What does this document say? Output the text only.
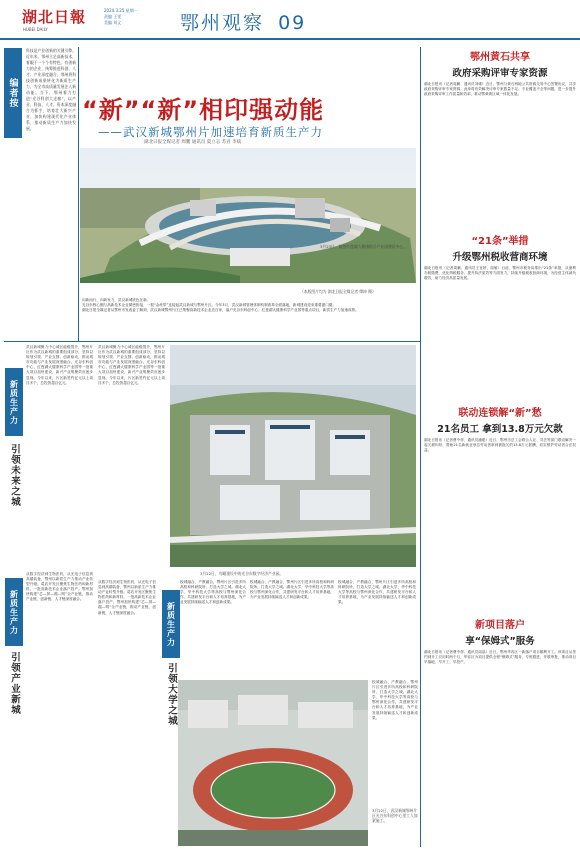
湖北日報
HUBEI DAILY
2024.3.25 星期一
责编 王雯
美编 刘义	鄂州观察 09
编者按
科技是产业创新的关键引擎。近年来，鄂州立足高新技术，着眼于一个个有特色、有创新力的企业，统筹推进科创、人才、产业深度融合，鄂州将科技创新成果转化为新质生产力，为全市高质量发展注入新动能。当下，鄂州着力打造“光谷科创大走廊”，以产业、科技、人才、资本深度融合为抓手，培育壮大新兴产业，加快构建现代化产业体系，推动新质生产力加快发展。
“新”“新”相印强动能
——武汉新城鄂州片加速培育新质生产力
湖北日报全媒记者 周鹏 通讯员 夏立志 苏君 李斌
3月23日，航拍红莲湖大健康科学产业园建设中心。
（本版图片均为 湖北日报全媒记者 缪坤 摄）

向新而行，向新发力，武汉新城底色在新。

光谷东核心圈与高新技术企业紧密衔接，一根“金丝带”连接起武汉新城与鄂州片区。今年3月，武汉新城管理体制机制改革全面落地，新城建设迎来重要窗口期。

湖北日报全媒记者从鄂州市发改委了解到，武汉新城鄂州片区已集聚高新技术企业近百家，落户光谷东科创中心、红莲湖大健康科学产业园等重点项目，新质生产力加速成势。

新质生产力
引领未来之城
武汉新城聚力中心城区能级提升，鄂州片区作为武汉新城的重要组成部分，坚持以规划引领、产业支撑、创新驱动，推动城市功能与产业发展深度融合。光谷东科创中心、红莲湖大健康科学产业园等一批重大项目加快建设，新兴产业集聚效应逐步显现。今年以来，片区新签约亿元以上项目多个，总投资超百亿元。
新质生产力
引领产业新城
从数字经济到生物医药，从光电子信息到高端装备，鄂州以新质生产力推动产业转型升级。葛店开发区聚焦生物医药和新材料，一批高新技术企业落户投产。鄂州加快构建“芯—屏—端—网”全产业链，推动产业链、创新链、人才链深度融合。
武汉新城聚力中心城区能级提升，鄂州片区作为武汉新城的重要组成部分，坚持以规划引领、产业支撑、创新驱动，推动城市功能与产业发展深度融合。光谷东科创中心、红莲湖大健康科学产业园等一批重大项目加快建设，新兴产业集聚效应逐步显现。今年以来，片区新签约亿元以上项目多个，总投资超百亿元。
从数字经济到生物医药，从光电子信息到高端装备，鄂州以新质生产力推动产业转型升级。葛店开发区聚焦生物医药和新材料，一批高新技术企业落户投产。鄂州加快构建“芯—屏—端—网”全产业链，推动产业链、创新链、人才链深度融合。
3月22日，鸟瞰建设中的光谷东数字经济产业园。
新质生产力
引领大学之城
校城融合、产教融合，鄂州片区引进多所高校和科研院所，打造大学之城。湖北大学、华中科技大学等高校与鄂州深化合作，共建研发平台和人才培养基地，为产业发展持续输送人才和创新成果。
校城融合、产教融合，鄂州片区引进多所高校和科研院所，打造大学之城。湖北大学、华中科技大学等高校与鄂州深化合作，共建研发平台和人才培养基地，为产业发展持续输送人才和创新成果。
校城融合、产教融合，鄂州片区引进多所高校和科研院所，打造大学之城。湖北大学、华中科技大学等高校与鄂州深化合作，共建研发平台和人才培养基地，为产业发展持续输送人才和创新成果。
校城融合、产教融合，鄂州片区引进多所高校和科研院所，打造大学之城。湖北大学、华中科技大学等高校与鄂州深化合作，共建研发平台和人才培养基地，为产业发展持续输送人才和创新成果。
3月22日，武汉新城鄂州片区光谷东科创中心里工人加紧施工。
鄂州黄石共享
政府采购评审专家资源
湖北日报讯（记者周鹏、通讯员刘瑾）近日，鄂州与黄石两地公共资源交易中心签署协议，共享政府采购评审专家资源。此举将有效解决评审专家数量不足、专业覆盖不全等问题，进一步提升政府采购评审工作质量和效率，推动鄂黄黄区域一体化发展。
“21条”举措
升级鄂州税收营商环境
湖北日报讯（记者周鹏、通讯员王宜婷、周敏）日前，鄂州市税务局推出“21条”举措，从便利办税缴费、优化纳税服务、提升执法质效等方面发力，持续升级税收营商环境，为经营主体减负增效，助力经济高质量发展。
联动连锁解“新”愁
21名员工 拿到13.8万元欠款
湖北日报讯（记者曹中梓、通讯员潘聪）近日，鄂州市总工会联合人社、司法等部门联动解决一起欠薪纠纷，帮助21名新就业形态劳动者拿到被拖欠的13.8万元报酬，切实维护劳动者合法权益。
新项目落户
享“保姆式”服务
湖北日报讯（记者曹中梓、通讯员周晶）近日，鄂州华容区一新落户项目顺利开工。该项目从签约到开工仅用时两个月，华容区为项目提供全程“保姆式”服务，专班跟进、并联审批，推动项目早落地、早开工、早投产。
